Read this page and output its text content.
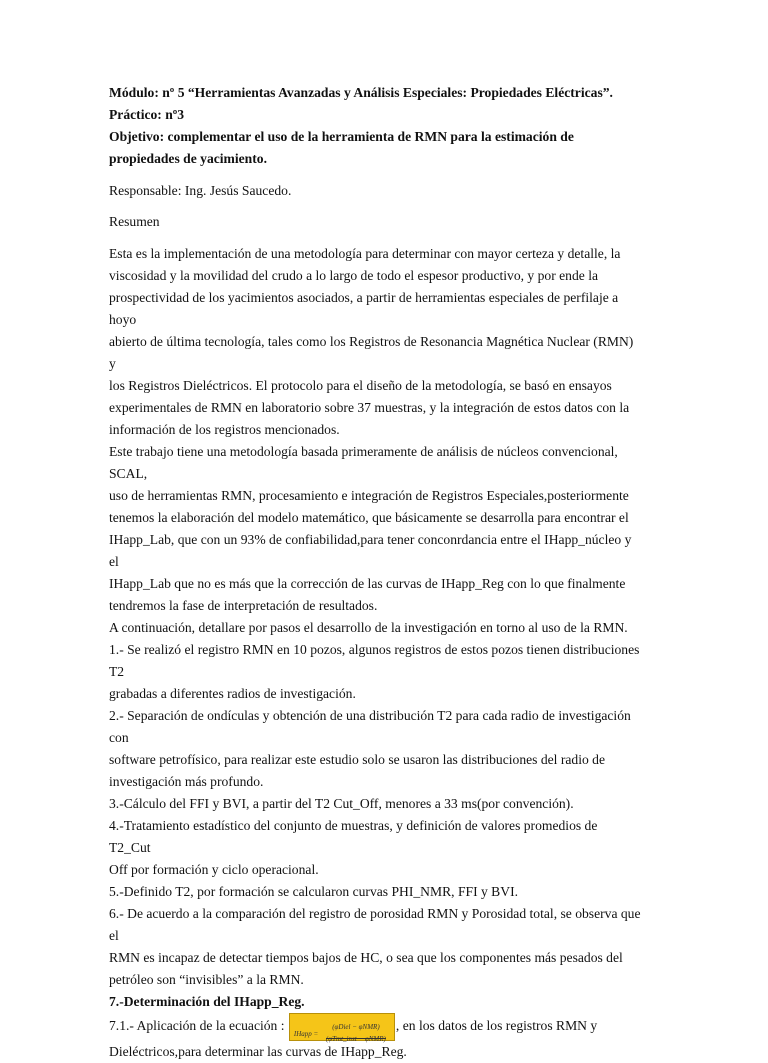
Módulo: nº 5 “Herramientas Avanzadas y Análisis Especiales: Propiedades Eléctricas”.

Práctico: nº3

Objetivo: complementar el uso de la herramienta de RMN para la estimación de

propiedades de yacimiento.

Responsable: Ing. Jesús Saucedo.

Resumen

Esta es la implementación de una metodología para determinar con mayor certeza y detalle, la
viscosidad y la movilidad del crudo a lo largo de todo el espesor productivo, y por ende la
prospectividad de los yacimientos asociados, a partir de herramientas especiales de perfilaje a hoyo
abierto de última tecnología, tales como los Registros de Resonancia Magnética Nuclear (RMN) y
los Registros Dieléctricos. El protocolo para el diseño de la metodología, se basó en ensayos
experimentales de RMN en laboratorio sobre 37 muestras, y la integración de estos datos con la
información de los registros mencionados.
Este trabajo tiene una metodología basada primeramente de análisis de núcleos convencional, SCAL,
uso de herramientas RMN, procesamiento e integración de Registros Especiales,posteriormente
tenemos la elaboración del modelo matemático, que básicamente se desarrolla para encontrar el
IHapp_Lab, que con un 93% de confiabilidad,para tener conconrdancia entre el IHapp_núcleo y el
IHapp_Lab que no es más que la corrección de las curvas de IHapp_Reg con lo que finalmente
tendremos la fase de interpretación de resultados.
A continuación, detallare por pasos el desarrollo de la investigación en torno al uso de la RMN.
1.- Se realizó el registro RMN en 10 pozos, algunos registros de estos pozos tienen distribuciones T2
grabadas a diferentes radios de investigación.
2.- Separación de ondículas y obtención de una distribución T2 para cada radio de investigación con
software petrofísico, para realizar este estudio solo se usaron las distribuciones del radio de
investigación más profundo.
3.-Cálculo del FFI y BVI, a partir del T2 Cut_Off, menores a 33 ms(por convención).
4.-Tratamiento estadístico del conjunto de muestras, y definición de valores promedios de T2_Cut
Off por formación y ciclo operacional.
5.-Definido T2, por formación se calcularon curvas PHI_NMR, FFI y BVI.
6.- De acuerdo a la comparación del registro de porosidad RMN y Porosidad total, se observa que el
RMN es incapaz de detectar tiempos bajos de HC, o sea que los componentes más pesados del
petróleo son “invisibles” a la RMN.
7.-Determinación del IHapp_Reg.
7.1.- Aplicación de la ecuación :
IHapp =
(φDiel − φNMR)
(φTmt_inst − φNMR)
, en los datos de los registros RMN y
Dieléctricos,para determinar las curvas de IHapp_Reg.
